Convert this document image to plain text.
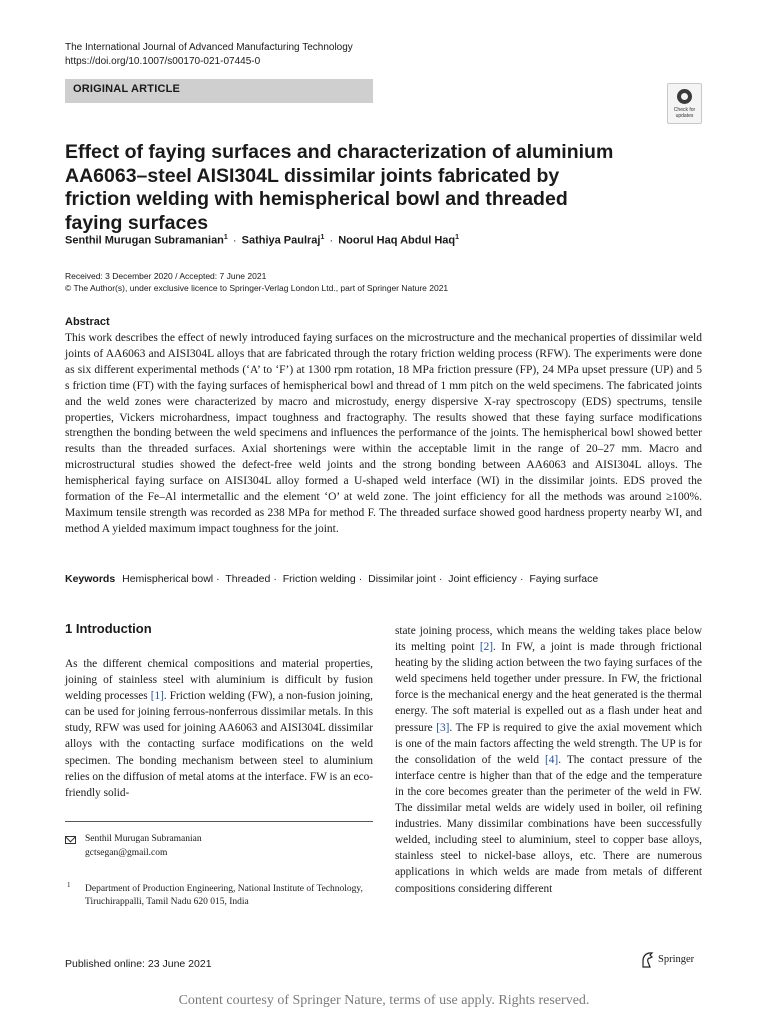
The International Journal of Advanced Manufacturing Technology
https://doi.org/10.1007/s00170-021-07445-0
ORIGINAL ARTICLE
Check for updates
Effect of faying surfaces and characterization of aluminium AA6063–steel AISI304L dissimilar joints fabricated by friction welding with hemispherical bowl and threaded faying surfaces
Senthil Murugan Subramanian$^1$ · Sathiya Paulraj$^1$ · Noorul Haq Abdul Haq$^1$
Received: 3 December 2020 / Accepted: 7 June 2021
© The Author(s), under exclusive licence to Springer-Verlag London Ltd., part of Springer Nature 2021
Abstract

This work describes the effect of newly introduced faying surfaces on the microstructure and the mechanical properties of dissimilar weld joints of AA6063 and AISI304L alloys that are fabricated through the rotary friction welding process (RFW). The experiments were done as six different experimental methods (‘A’ to ‘F’) at 1300 rpm rotation, 18 MPa friction pressure (FP), 24 MPa upset pressure (UP) and 5 s friction time (FT) with the faying surfaces of hemispherical bowl and thread of 1 mm pitch on the weld specimens. The fabricated joints and the weld zones were characterized by macro and microstudy, energy dispersive X-ray spectroscopy (EDS) spectrums, tensile properties, Vickers microhardness, impact toughness and fractography. The results showed that these faying surface modifications strengthen the bonding between the weld specimens and influences the performance of the joints. The hemispherical bowl showed better results than the threaded surfaces. Axial shortenings were within the acceptable limit in the range of 20–27 mm. Macro and microstructural studies showed the defect-free weld joints and the strong bonding between AA6063 and AISI304L alloys. The hemispherical faying surface on AISI304L alloy formed a U-shaped weld interface (WI) in the dissimilar joints. EDS proved the formation of the Fe–Al intermetallic and the element ‘O’ at weld zone. The joint efficiency for all the methods was around ≥100%. Maximum tensile strength was recorded as 238 MPa for method F. The threaded surface showed good hardness property nearby WI, and method A yielded maximum impact toughness for the joint.

Keywords Hemispherical bowl · Threaded · Friction welding · Dissimilar joint · Joint efficiency · Faying surface
1 Introduction

As the different chemical compositions and material properties, joining of stainless steel with aluminium is difficult by fusion welding processes [1]. Friction welding (FW), a non-fusion joining, can be used for joining ferrous-nonferrous dissimilar metals. In this study, RFW was used for joining AA6063 and AISI304L dissimilar alloys with the contacting surface modifications on the weld specimen. The bonding mechanism between steel to aluminium relies on the diffusion of metal atoms at the interface. FW is an eco-friendly solid-

state joining process, which means the welding takes place below its melting point [2]. In FW, a joint is made through frictional heating by the sliding action between the two faying surfaces of the weld specimens held together under pressure. In FW, the frictional force is the mechanical energy and the heat generated is the thermal energy. The soft material is expelled out as a flash under heat and pressure [3]. The FP is required to give the axial movement which is one of the main factors affecting the weld strength. The UP is for the consolidation of the weld [4]. The contact pressure of the interface centre is higher than that of the edge and the temperature in the core becomes greater than the perimeter of the weld in FW. The dissimilar metal welds are widely used in boiler, oil refining industries. Many dissimilar combinations have been successfully welded, including steel to aluminium, steel to copper base alloys, stainless steel to nickel-base alloys, etc. There are numerous applications in which welds are made from metals of different compositions considering different

Senthil Murugan Subramanian
gctsegan@gmail.com
1 Department of Production Engineering, National Institute of Technology, Tiruchirappalli, Tamil Nadu 620 015, India
Published online: 23 June 2021	Springer
Content courtesy of Springer Nature, terms of use apply. Rights reserved.
